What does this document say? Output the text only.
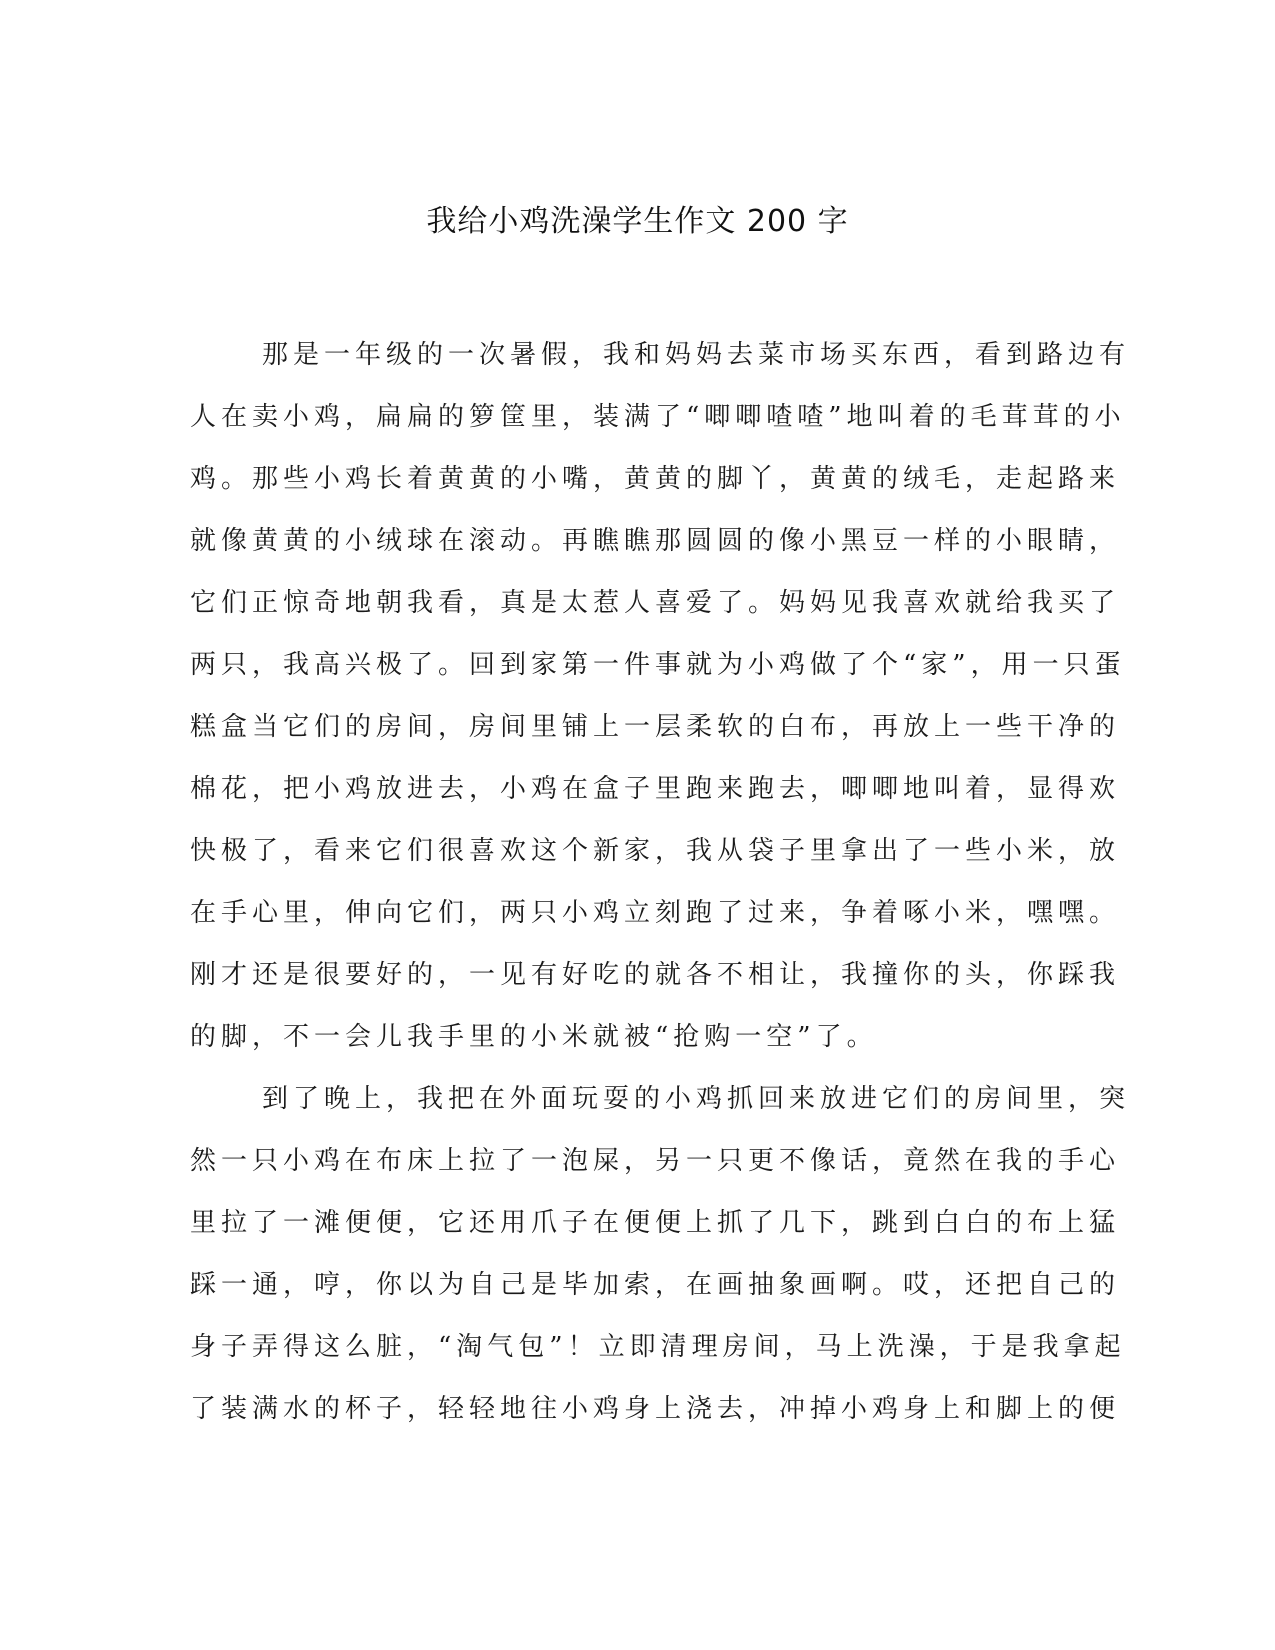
我给小鸡洗澡学生作文 200 字
那是一年级的一次暑假，我和妈妈去菜市场买东西，看到路边有
人在卖小鸡，扁扁的箩筐里，装满了“唧唧喳喳”地叫着的毛茸茸的小
鸡。那些小鸡长着黄黄的小嘴，黄黄的脚丫，黄黄的绒毛，走起路来
就像黄黄的小绒球在滚动。再瞧瞧那圆圆的像小黑豆一样的小眼睛，
它们正惊奇地朝我看，真是太惹人喜爱了。妈妈见我喜欢就给我买了
两只，我高兴极了。回到家第一件事就为小鸡做了个“家”，用一只蛋
糕盒当它们的房间，房间里铺上一层柔软的白布，再放上一些干净的
棉花，把小鸡放进去，小鸡在盒子里跑来跑去，唧唧地叫着，显得欢
快极了，看来它们很喜欢这个新家，我从袋子里拿出了一些小米，放
在手心里，伸向它们，两只小鸡立刻跑了过来，争着啄小米，嘿嘿。
刚才还是很要好的，一见有好吃的就各不相让，我撞你的头，你踩我
的脚，不一会儿我手里的小米就被“抢购一空”了。
到了晚上，我把在外面玩耍的小鸡抓回来放进它们的房间里，突
然一只小鸡在布床上拉了一泡屎，另一只更不像话，竟然在我的手心
里拉了一滩便便，它还用爪子在便便上抓了几下，跳到白白的布上猛
踩一通，哼，你以为自己是毕加索，在画抽象画啊。哎，还把自己的
身子弄得这么脏，“淘气包”！立即清理房间，马上洗澡，于是我拿起
了装满水的杯子，轻轻地往小鸡身上浇去，冲掉小鸡身上和脚上的便
